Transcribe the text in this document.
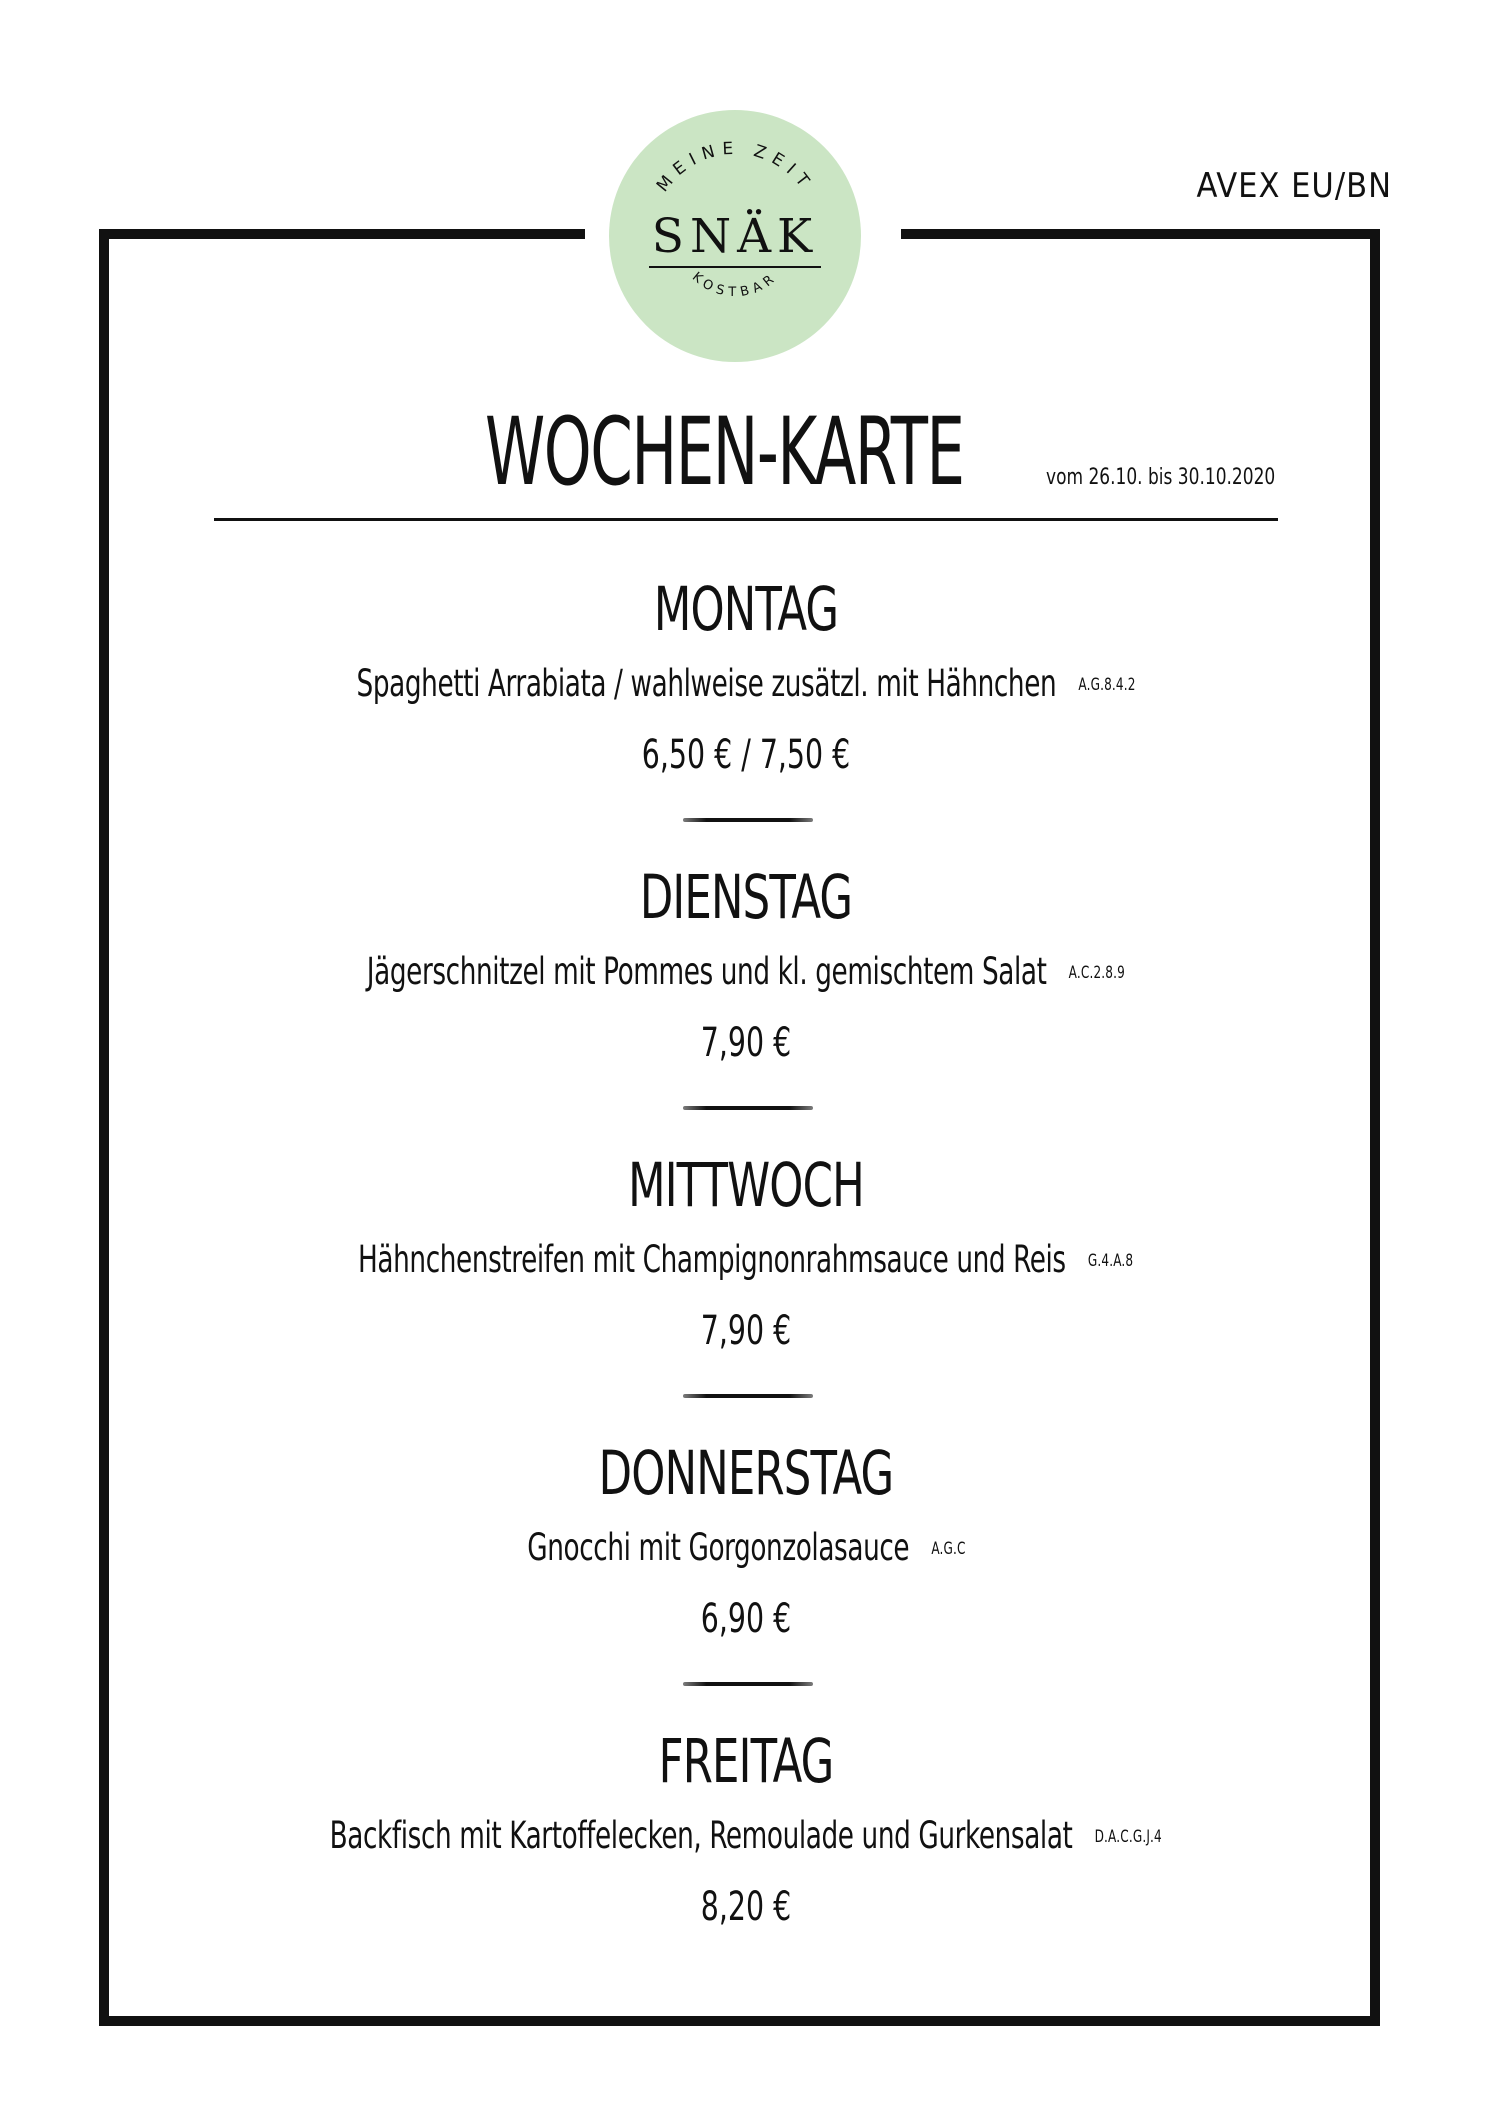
MEINE ZEIT
SNÄK
KOSTBAR
AVEX EU/BN
WOCHEN-KARTE	vom 26.10. bis 30.10.2020
MONTAG
Spaghetti Arrabiata / wahlweise zusätzl. mit Hähnchen A.G.8.4.2
6,50 € / 7,50 €
DIENSTAG
Jägerschnitzel mit Pommes und kl. gemischtem Salat A.C.2.8.9
7,90 €
MITTWOCH
Hähnchenstreifen mit Champignonrahmsauce und Reis G.4.A.8
7,90 €
DONNERSTAG
Gnocchi mit Gorgonzolasauce A.G.C
6,90 €
FREITAG
Backfisch mit Kartoffelecken, Remoulade und Gurkensalat D.A.C.G.J.4
8,20 €
